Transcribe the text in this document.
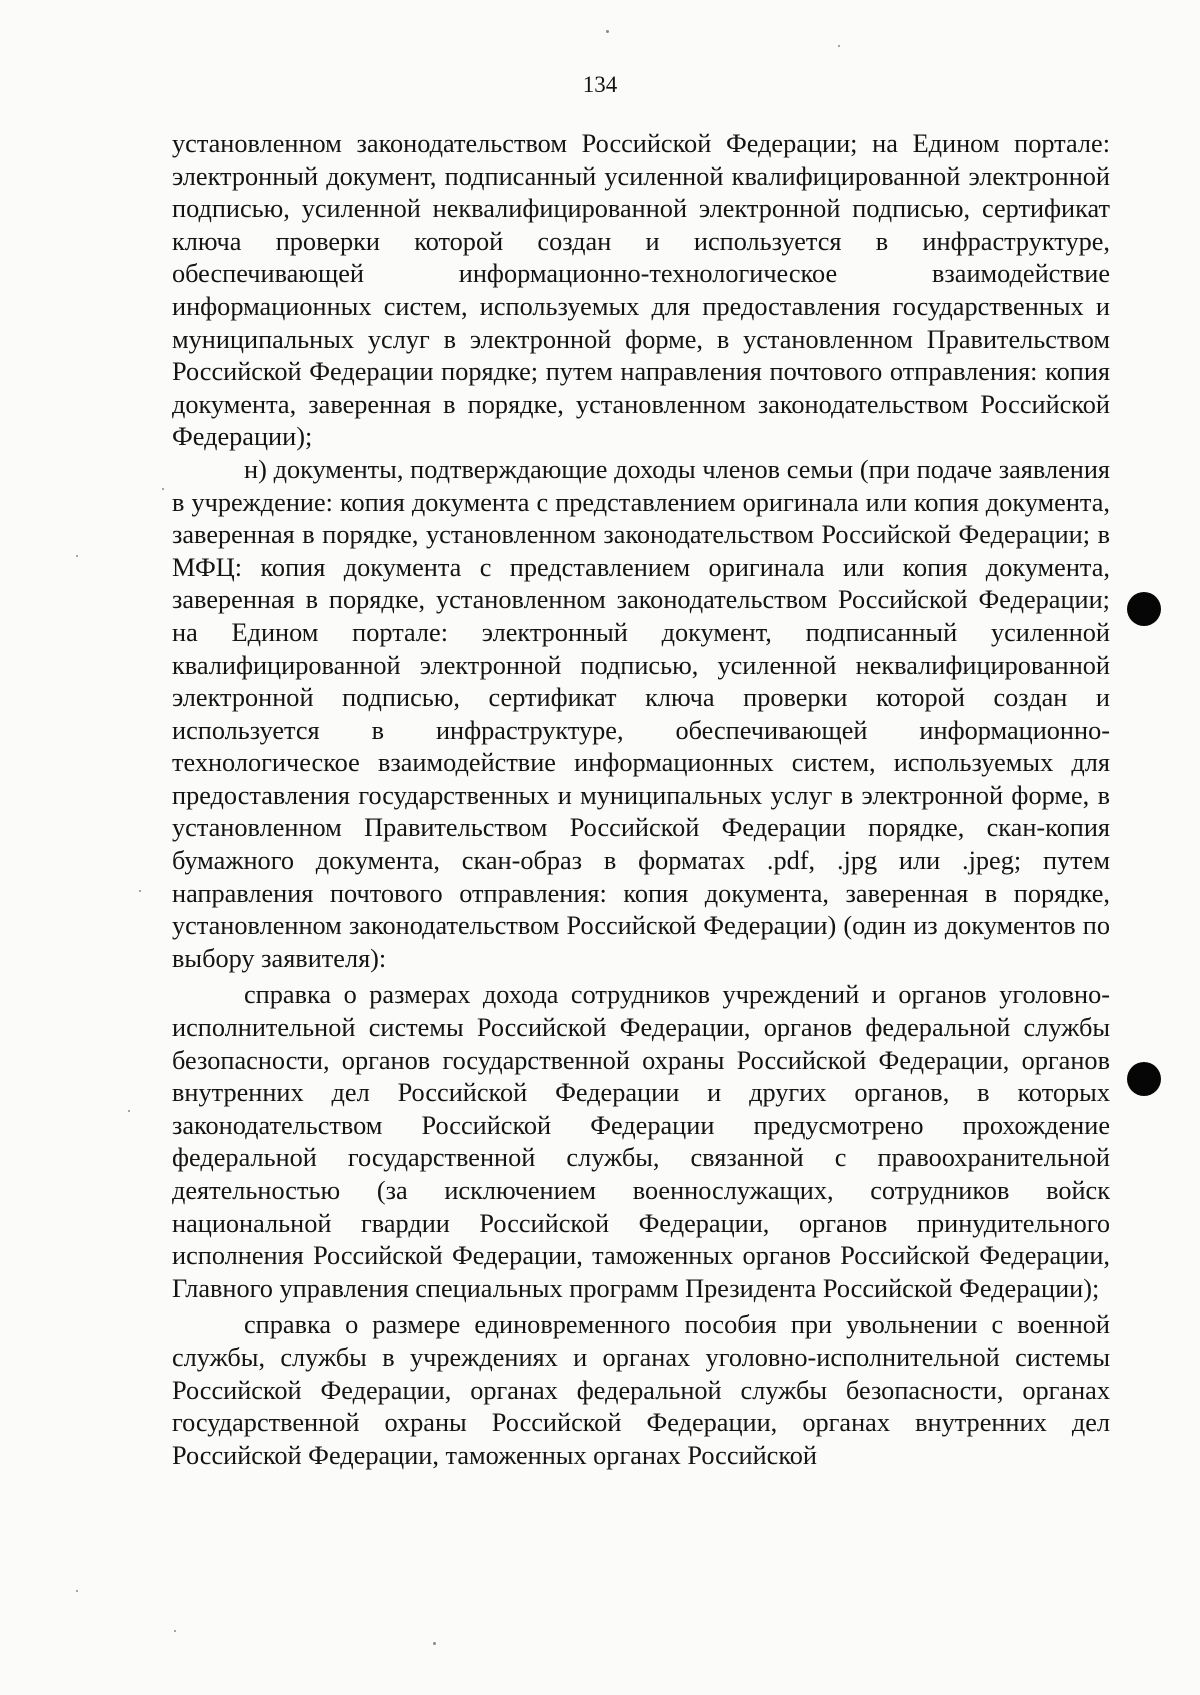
134

установленном законодательством Российской Федерации; на Едином портале: электронный документ, подписанный усиленной квалифицированной электронной подписью, усиленной неквалифицированной электронной подписью, сертификат ключа проверки которой создан и используется в инфраструктуре, обеспечивающей информационно-технологическое взаимодействие информационных систем, используемых для предоставления государственных и муниципальных услуг в электронной форме, в установленном Правительством Российской Федерации порядке; путем направления почтового отправления: копия документа, заверенная в порядке, установленном законодательством Российской Федерации);

н) документы, подтверждающие доходы членов семьи (при подаче заявления в учреждение: копия документа с представлением оригинала или копия документа, заверенная в порядке, установленном законодательством Российской Федерации; в МФЦ: копия документа с представлением оригинала или копия документа, заверенная в порядке, установленном законодательством Российской Федерации; на Едином портале: электронный документ, подписанный усиленной квалифицированной электронной подписью, усиленной неквалифицированной электронной подписью, сертификат ключа проверки которой создан и используется в инфраструктуре, обеспечивающей информационно-технологическое взаимодействие информационных систем, используемых для предоставления государственных и муниципальных услуг в электронной форме, в установленном Правительством Российской Федерации порядке, скан-копия бумажного документа, скан-образ в форматах .pdf, .jpg или .jpeg; путем направления почтового отправления: копия документа, заверенная в порядке, установленном законодательством Российской Федерации) (один из документов по выбору заявителя):

справка о размерах дохода сотрудников учреждений и органов уголовно-исполнительной системы Российской Федерации, органов федеральной службы безопасности, органов государственной охраны Российской Федерации, органов внутренних дел Российской Федерации и других органов, в которых законодательством Российской Федерации предусмотрено прохождение федеральной государственной службы, связанной с правоохранительной деятельностью (за исключением военнослужащих, сотрудников войск национальной гвардии Российской Федерации, органов принудительного исполнения Российской Федерации, таможенных органов Российской Федерации, Главного управления специальных программ Президента Российской Федерации);

справка о размере единовременного пособия при увольнении с военной службы, службы в учреждениях и органах уголовно-исполнительной системы Российской Федерации, органах федеральной службы безопасности, органах государственной охраны Российской Федерации, органах внутренних дел Российской Федерации, таможенных органах Российской
